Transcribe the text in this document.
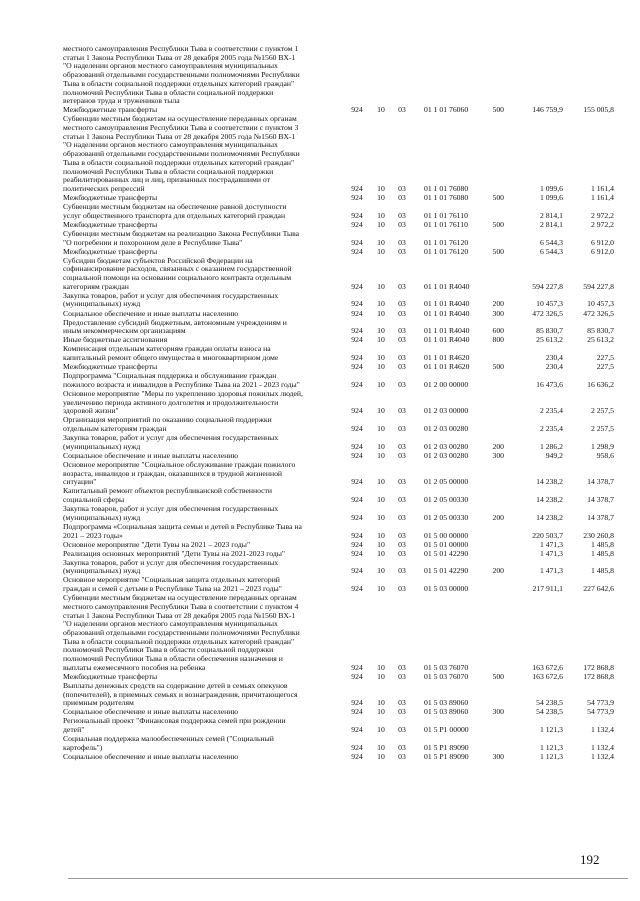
местного самоуправления Республики Тыва в соответствии с пунктом 1
статьи 1 Закона Республики Тыва от 28 декабря 2005 года №1560 ВХ-1
"О наделении органов местного самоуправления муниципальных
образований отдельными государственными полномочиями Республики
Тыва в области социальной поддержки отдельных категорий граждан"
полномочий Республики Тыва в области социальной поддержки
ветеранов труда и тружеников тыла
Межбюджетные трансферты	924	10	03	01 1 01 76060	500	146 759,9	155 005,8
Субвенции местным бюджетам на осуществление переданных органам
местного самоуправления Республики Тыва в соответствии с пунктом 3
статьи 1 Закона Республики Тыва от 28 декабря 2005 года №1560 ВХ-1
"О наделении органов местного самоуправления муниципальных
образований отдельными государственными полномочиями Республики
Тыва в области социальной поддержки отдельных категорий граждан"
полномочий Республики Тыва в области социальной поддержки
реабилитированных лиц и лиц, признанных пострадавшими от
политических репрессий	924	10	03	01 1 01 76080	1 099,6	1 161,4
Межбюджетные трансферты	924	10	03	01 1 01 76080	500	1 099,6	1 161,4
Субвенции местным бюджетам на обеспечение равной доступности
услуг общественного транспорта для отдельных категорий граждан	924	10	03	01 1 01 76110	2 814,1	2 972,2
Межбюджетные трансферты	924	10	03	01 1 01 76110	500	2 814,1	2 972,2
Субвенции местным бюджетам на реализацию Закона Республики Тыва
"О погребении и похоронном деле в Республике Тыва"	924	10	03	01 1 01 76120	6 544,3	6 912,0
Межбюджетные трансферты	924	10	03	01 1 01 76120	500	6 544,3	6 912,0
Субсидии бюджетам субъектов Российской Федерации на
софинансирование расходов, связанных с оказанием государственной
социальной помощи на основании социального контракта отдельным
категориям граждан	924	10	03	01 1 01 R4040	594 227,8	594 227,8
Закупка товаров, работ и услуг для обеспечения государственных
(муниципальных) нужд	924	10	03	01 1 01 R4040	200	10 457,3	10 457,3
Социальное обеспечение и иные выплаты населению	924	10	03	01 1 01 R4040	300	472 326,5	472 326,5
Предоставление субсидий бюджетным, автономным учреждениям и
иным некоммерческим организациям	924	10	03	01 1 01 R4040	600	85 830,7	85 830,7
Иные бюджетные ассигнования	924	10	03	01 1 01 R4040	800	25 613,2	25 613,2
Компенсация отдельным категориям граждан оплаты взноса на
капитальный ремонт общего имущества в многоквартирном доме	924	10	03	01 1 01 R4620	230,4	227,5
Межбюджетные трансферты	924	10	03	01 1 01 R4620	500	230,4	227,5
Подпрограмма "Социальная поддержка и обслуживание граждан
пожилого возраста и инвалидов в Республике Тыва на 2021 - 2023 годы"	924	10	03	01 2 00 00000	16 473,6	16 636,2
Основное мероприятие "Меры по укреплению здоровья пожилых людей,
увеличению периода активного долголетия и продолжительности
здоровой жизни"	924	10	03	01 2 03 00000	2 235,4	2 257,5
Организация мероприятий по оказанию социальной поддержки
отдельным категориям граждан	924	10	03	01 2 03 00280	2 235,4	2 257,5
Закупка товаров, работ и услуг для обеспечения государственных
(муниципальных) нужд	924	10	03	01 2 03 00280	200	1 286,2	1 298,9
Социальное обеспечение и иные выплаты населению	924	10	03	01 2 03 00280	300	949,2	958,6
Основное мероприятие "Социальное обслуживание граждан пожилого
возраста, инвалидов и граждан, оказавшихся в трудной жизненной
ситуации"	924	10	03	01 2 05 00000	14 238,2	14 378,7
Капитальный ремонт объектов республиканской собственности
социальной сферы	924	10	03	01 2 05 00330	14 238,2	14 378,7
Закупка товаров, работ и услуг для обеспечения государственных
(муниципальных) нужд	924	10	03	01 2 05 00330	200	14 238,2	14 378,7
Подпрограмма «Социальная защита семьи и детей в Республике Тыва на
2021 – 2023 годы»	924	10	03	01 5 00 00000	220 503,7	230 260,8
Основное мероприятие "Дети Тувы на 2021 – 2023 годы"	924	10	03	01 5 01 00000	1 471,3	1 485,8
Реализация основных мероприятий "Дети Тувы на 2021-2023 годы"	924	10	03	01 5 01 42290	1 471,3	1 485,8
Закупка товаров, работ и услуг для обеспечения государственных
(муниципальных) нужд	924	10	03	01 5 01 42290	200	1 471,3	1 485,8
Основное мероприятие "Социальная защита отдельных категорий
граждан и семей с детьми в Республике Тыва на 2021 – 2023 годы"	924	10	03	01 5 03 00000	217 911,1	227 642,6
Субвенции местным бюджетам на осуществление переданных органам
местного самоуправления Республики Тыва в соответствии с пунктом 4
статьи 1 Закона Республики Тыва от 28 декабря 2005 года №1560 ВХ-1
"О наделении органов местного самоуправления муниципальных
образований отдельными государственными полномочиями Республики
Тыва в области социальной поддержки отдельных категорий граждан"
полномочий Республики Тыва в области социальной поддержки
полномочий Республики Тыва в области обеспечения назначения и
выплаты ежемесячного пособия на ребенка	924	10	03	01 5 03 76070	163 672,6	172 868,8
Межбюджетные трансферты	924	10	03	01 5 03 76070	500	163 672,6	172 868,8
Выплаты денежных средств на содержание детей в семьях опекунов
(попечителей), в приемных семьях и вознаграждения, причитающегося
приемным родителям	924	10	03	01 5 03 89060	54 238,5	54 773,9
Социальное обеспечение и иные выплаты населению	924	10	03	01 5 03 89060	300	54 238,5	54 773,9
Региональный проект "Финансовая поддержка семей при рождении
детей"	924	10	03	01 5 P1 00000	1 121,3	1 132,4
Социальная поддержка малообеспеченных семей ("Социальный
картофель")	924	10	03	01 5 P1 89090	1 121,3	1 132,4
Социальное обеспечение и иные выплаты населению	924	10	03	01 5 P1 89090	300	1 121,3	1 132,4
192
